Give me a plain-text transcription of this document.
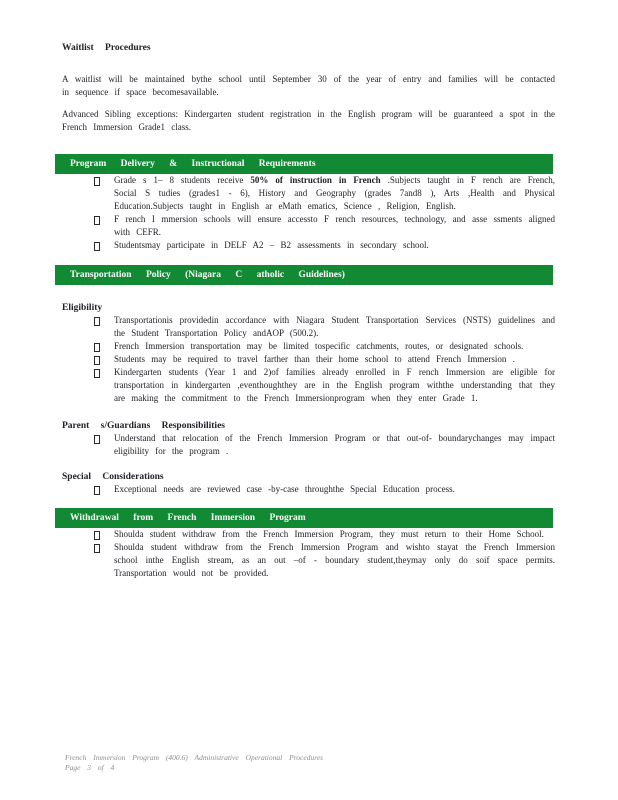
Waitlist Procedures

A waitlist will be maintained bythe school until September 30 of the year of entry and families will be contacted in sequence if space becomesavailable.

Advanced Sibling exceptions: Kindergarten student registration in the English program will be guaranteed a spot in the French Immersion Grade1 class.

Program Delivery & Instructional Requirements
Grade s 1– 8 students receive 50% of instruction in French .Subjects taught in F rench are French, Social S tudies (grades1 - 6), History and Geography (grades 7and8 ), Arts ,Health and Physical Education.Subjects taught in English ar eMath ematics, Science , Religion, English.
F rench I mmersion schools will ensure accessto F rench resources, technology, and asse ssments aligned with CEFR.
Studentsmay participate in DELF A2 – B2 assessments in secondary school.
Transportation Policy (Niagara C atholic Guidelines)
Eligibility
Transportationis providedin accordance with Niagara Student Transportation Services (NSTS) guidelines and the Student Transportation Policy andAOP (500.2).
French Immersion transportation may be limited tospecific catchments, routes, or designated schools.
Students may be required to travel farther than their home school to attend French Immersion .
Kindergarten students (Year 1 and 2)of families already enrolled in F rench Immersion are eligible for transportation in kindergarten ,eventhoughthey are in the English program withthe understanding that they are making the commitment to the French Immersionprogram when they enter Grade 1.
Parent s/Guardians Responsibilities
Understand that relocation of the French Immersion Program or that out-of- boundarychanges may impact eligibility for the program .
Special Considerations
Exceptional needs are reviewed case -by-case throughthe Special Education process.
Withdrawal from French Immersion Program
Shoulda student withdraw from the French Immersion Program, they must return to their Home School.
Shoulda student withdraw from the French Immersion Program and wishto stayat the French Immersion school inthe English stream, as an out –of - boundary student,theymay only do soif space permits. Transportation would not be provided.
French Immersion Program (400.6) Administrative Operational Procedures
Page 3 of 4
